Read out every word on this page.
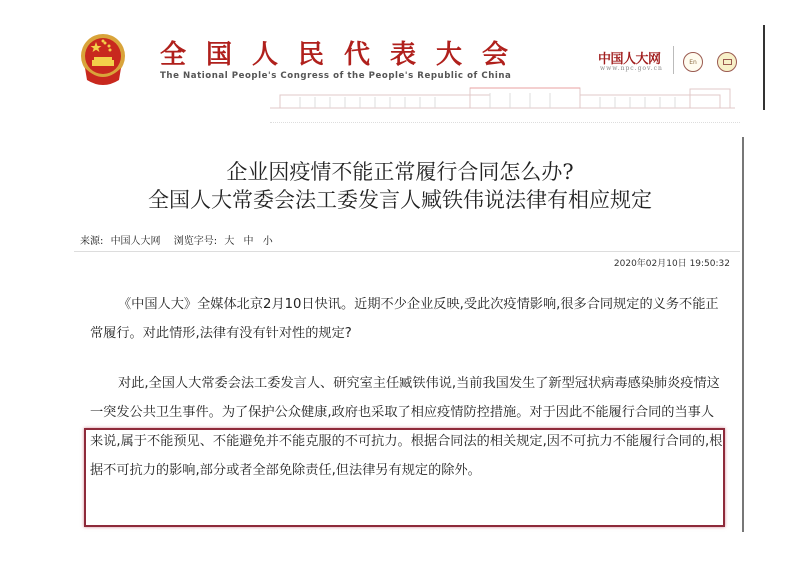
全国人民代表大会
The National People's Congress of the People's Republic of China
中国人大网
www.npc.gov.cn
En
企业因疫情不能正常履行合同怎么办?
全国人大常委会法工委发言人臧铁伟说法律有相应规定
来源: 中国人大网 浏览字号: 大 中 小
2020年02月10日 19:50:32
《中国人大》全媒体北京2月10日快讯。近期不少企业反映,受此次疫情影响,很多合同规定的义务不能正常履行。对此情形,法律有没有针对性的规定?
对此,全国人大常委会法工委发言人、研究室主任臧铁伟说,当前我国发生了新型冠状病毒感染肺炎疫情这一突发公共卫生事件。为了保护公众健康,政府也采取了相应疫情防控措施。对于因此不能履行合同的当事人来说,属于不能预见、不能避免并不能克服的不可抗力。根据合同法的相关规定,因不可抗力不能履行合同的,根据不可抗力的影响,部分或者全部免除责任,但法律另有规定的除外。
